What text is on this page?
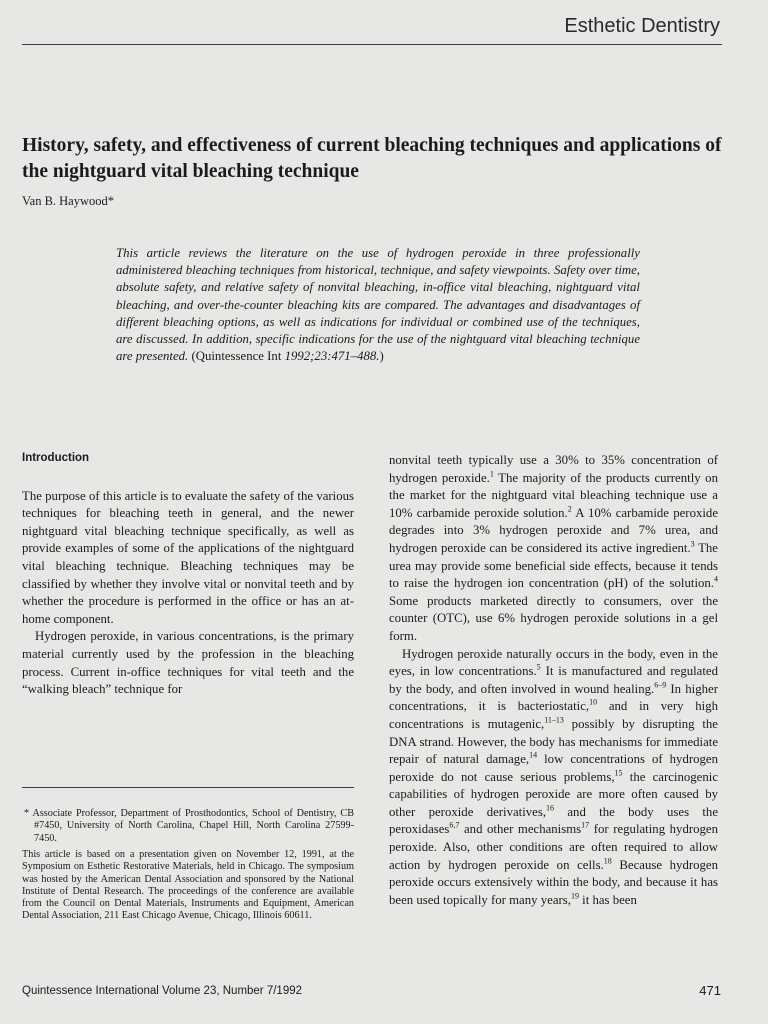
Esthetic Dentistry
History, safety, and effectiveness of current bleaching techniques and applications of the nightguard vital bleaching technique
Van B. Haywood*
This article reviews the literature on the use of hydrogen peroxide in three professionally administered bleaching techniques from historical, technique, and safety viewpoints. Safety over time, absolute safety, and relative safety of nonvital bleaching, in-office vital bleaching, nightguard vital bleaching, and over-the-counter bleaching kits are compared. The advantages and disadvantages of different bleaching options, as well as indications for individual or combined use of the techniques, are discussed. In addition, specific indications for the use of the nightguard vital bleaching technique are presented. (Quintessence Int 1992;23:471–488.)
Introduction

The purpose of this article is to evaluate the safety of the various techniques for bleaching teeth in general, and the newer nightguard vital bleaching technique specifically, as well as provide examples of some of the applications of the nightguard vital bleaching technique. Bleaching techniques may be classified by whether they involve vital or nonvital teeth and by whether the procedure is performed in the office or has an at-home component.

Hydrogen peroxide, in various concentrations, is the primary material currently used by the profession in the bleaching process. Current in-office techniques for vital teeth and the “walking bleach” technique for

nonvital teeth typically use a 30% to 35% concentration of hydrogen peroxide.$^1$ The majority of the products currently on the market for the nightguard vital bleaching technique use a 10% carbamide peroxide solution.$^2$ A 10% carbamide peroxide degrades into 3% hydrogen peroxide and 7% urea, and hydrogen peroxide can be considered its active ingredient.$^3$ The urea may provide some beneficial side effects, because it tends to raise the hydrogen ion concentration (pH) of the solution.$^4$ Some products marketed directly to consumers, over the counter (OTC), use 6% hydrogen peroxide solutions in a gel form.

Hydrogen peroxide naturally occurs in the body, even in the eyes, in low concentrations.$^5$ It is manufactured and regulated by the body, and often involved in wound healing.$^{6-9}$ In higher concentrations, it is bacteriostatic,$^{10}$ and in very high concentrations is mutagenic,$^{11-13}$ possibly by disrupting the DNA strand. However, the body has mechanisms for immediate repair of natural damage,$^{14}$ low concentrations of hydrogen peroxide do not cause serious problems,$^{15}$ the carcinogenic capabilities of hydrogen peroxide are more often caused by other peroxide derivatives,$^{16}$ and the body uses the peroxidases$^{6,7}$ and other mechanisms$^{17}$ for regulating hydrogen peroxide. Also, other conditions are often required to allow action by hydrogen peroxide on cells.$^{18}$ Because hydrogen peroxide occurs extensively within the body, and because it has been used topically for many years,$^{19}$ it has been

* Associate Professor, Department of Prosthodontics, School of Dentistry, CB #7450, University of North Carolina, Chapel Hill, North Carolina 27599-7450.
This article is based on a presentation given on November 12, 1991, at the Symposium on Esthetic Restorative Materials, held in Chicago. The symposium was hosted by the American Dental Association and sponsored by the National Institute of Dental Research. The proceedings of the conference are available from the Council on Dental Materials, Instruments and Equipment, American Dental Association, 211 East Chicago Avenue, Chicago, Illinois 60611.
Quintessence International Volume 23, Number 7/1992	471
